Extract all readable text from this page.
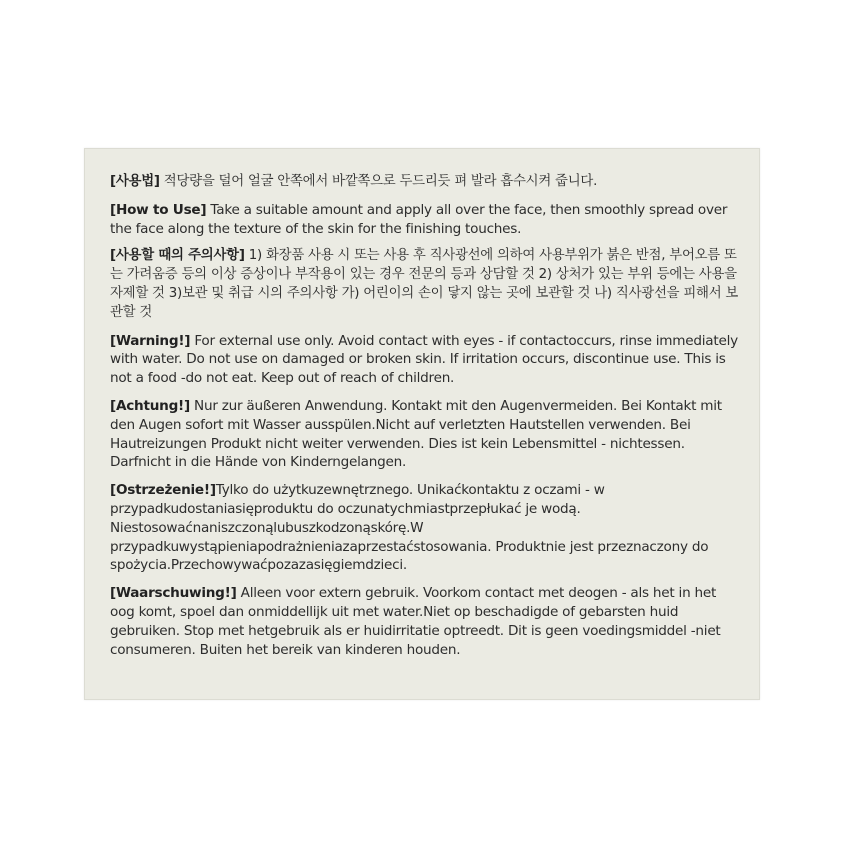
[사용법] 적당량을 덜어 얼굴 안쪽에서 바깥쪽으로 두드리듯 펴 발라 흡수시켜 줍니다.

[How to Use] Take a suitable amount and apply all over the face, then smoothly spread over the face along the texture of the skin for the finishing touches.

[사용할 때의 주의사항] 1) 화장품 사용 시 또는 사용 후 직사광선에 의하여 사용부위가 붉은 반점, 부어오름 또는 가려움증 등의 이상 증상이나 부작용이 있는 경우 전문의 등과 상담할 것 2) 상처가 있는 부위 등에는 사용을 자제할 것 3)보관 및 취급 시의 주의사항 가) 어린이의 손이 닿지 않는 곳에 보관할 것 나) 직사광선을 피해서 보관할 것

[Warning!] For external use only. Avoid contact with eyes - if contactoccurs, rinse immediately with water. Do not use on damaged or broken skin. If irritation occurs, discontinue use. This is not a food -do not eat. Keep out of reach of children.

[Achtung!] Nur zur äußeren Anwendung. Kontakt mit den Augenvermeiden. Bei Kontakt mit den Augen sofort mit Wasser ausspülen.Nicht auf verletzten Hautstellen verwenden. Bei Hautreizungen Produkt nicht weiter verwenden. Dies ist kein Lebensmittel - nichtessen. Darfnicht in die Hände von Kinderngelangen.

[Ostrzeżenie!]Tylko do użytkuzewnętrznego. Unikaćkontaktu z oczami - w przypadkudostaniasięproduktu do oczunatychmiastprzepłukać je wodą. Niestosowaćnaniszczonąlubuszkodzonąskórę.W przypadkuwystąpieniapodrażnieniazaprzestaćstosowania. Produktnie jest przeznaczony do spożycia.Przechowywaćpozazasięgiemdzieci.

[Waarschuwing!] Alleen voor extern gebruik. Voorkom contact met deogen - als het in het oog komt, spoel dan onmiddellijk uit met water.Niet op beschadigde of gebarsten huid gebruiken. Stop met hetgebruik als er huidirritatie optreedt. Dit is geen voedingsmiddel -niet consumeren. Buiten het bereik van kinderen houden.
